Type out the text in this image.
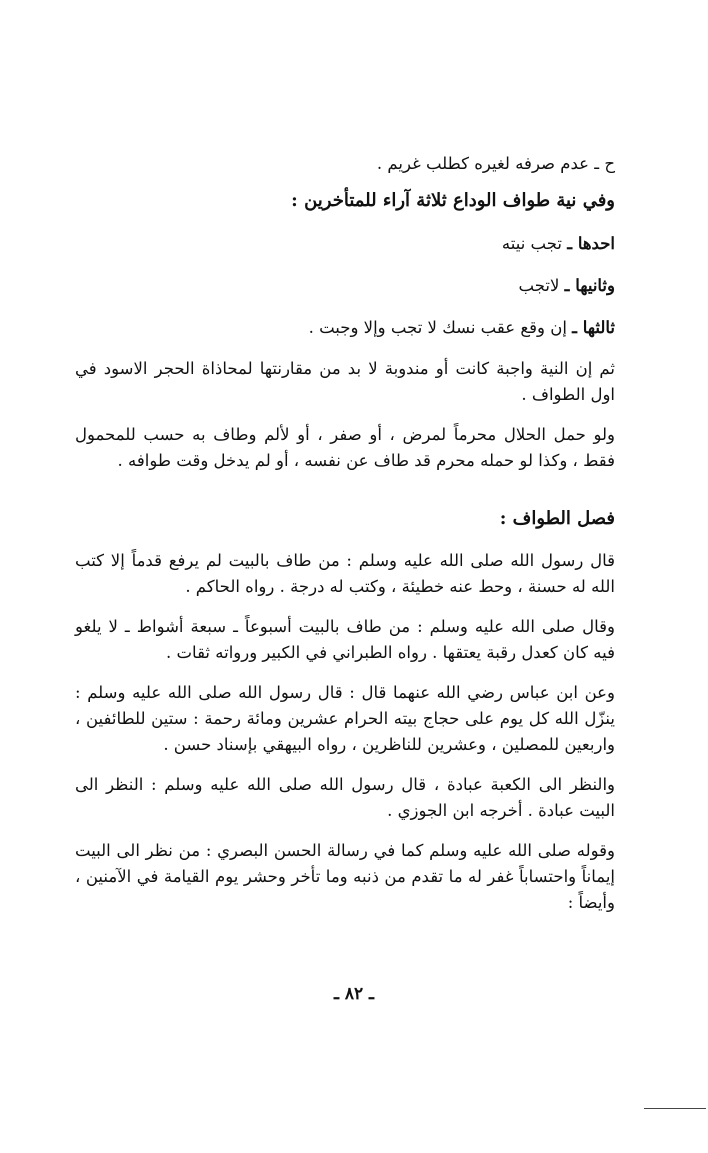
ح ـ عدم صرفه لغيره كطلب غريم .
وفي نية طواف الوداع ثلاثة آراء للمتأخرين :
احدها ـ تجب نيته
وثانيها ـ لاتجب
ثالثها ـ إن وقع عقب نسك لا تجب وإلا وجبت .
ثم إن النية واجبة كانت أو مندوبة لا بد من مقارنتها لمحاذاة الحجر الاسود في اول الطواف .
ولو حمل الحلال محرماً لمرض ، أو صفر ، أو لألم وطاف به حسب للمحمول فقط ، وكذا لو حمله محرم قد طاف عن نفسه ، أو لم يدخل وقت طوافه .
فصل الطواف :
قال رسول الله صلى الله عليه وسلم : من طاف بالبيت لم يرفع قدماً إلا كتب الله له حسنة ، وحط عنه خطيئة ، وكتب له درجة . رواه الحاكم .
وقال صلى الله عليه وسلم : من طاف بالبيت أسبوعاً ـ سبعة أشواط ـ لا يلغو فيه كان كعدل رقبة يعتقها . رواه الطبراني في الكبير ورواته ثقات .
وعن ابن عباس رضي الله عنهما قال : قال رسول الله صلى الله عليه وسلم : ينزّل الله كل يوم على حجاج بيته الحرام عشرين ومائة رحمة : ستين للطائفين ، واربعين للمصلين ، وعشرين للناظرين ، رواه البيهقي بإسناد حسن .
والنظر الى الكعبة عبادة ، قال رسول الله صلى الله عليه وسلم : النظر الى البيت عبادة . أخرجه ابن الجوزي .
وقوله صلى الله عليه وسلم كما في رسالة الحسن البصري : من نظر الى البيت إيماناً واحتساباً غفر له ما تقدم من ذنبه وما تأخر وحشر يوم القيامة في الآمنين ، وأيضاً :
ـ ٨٢ ـ
